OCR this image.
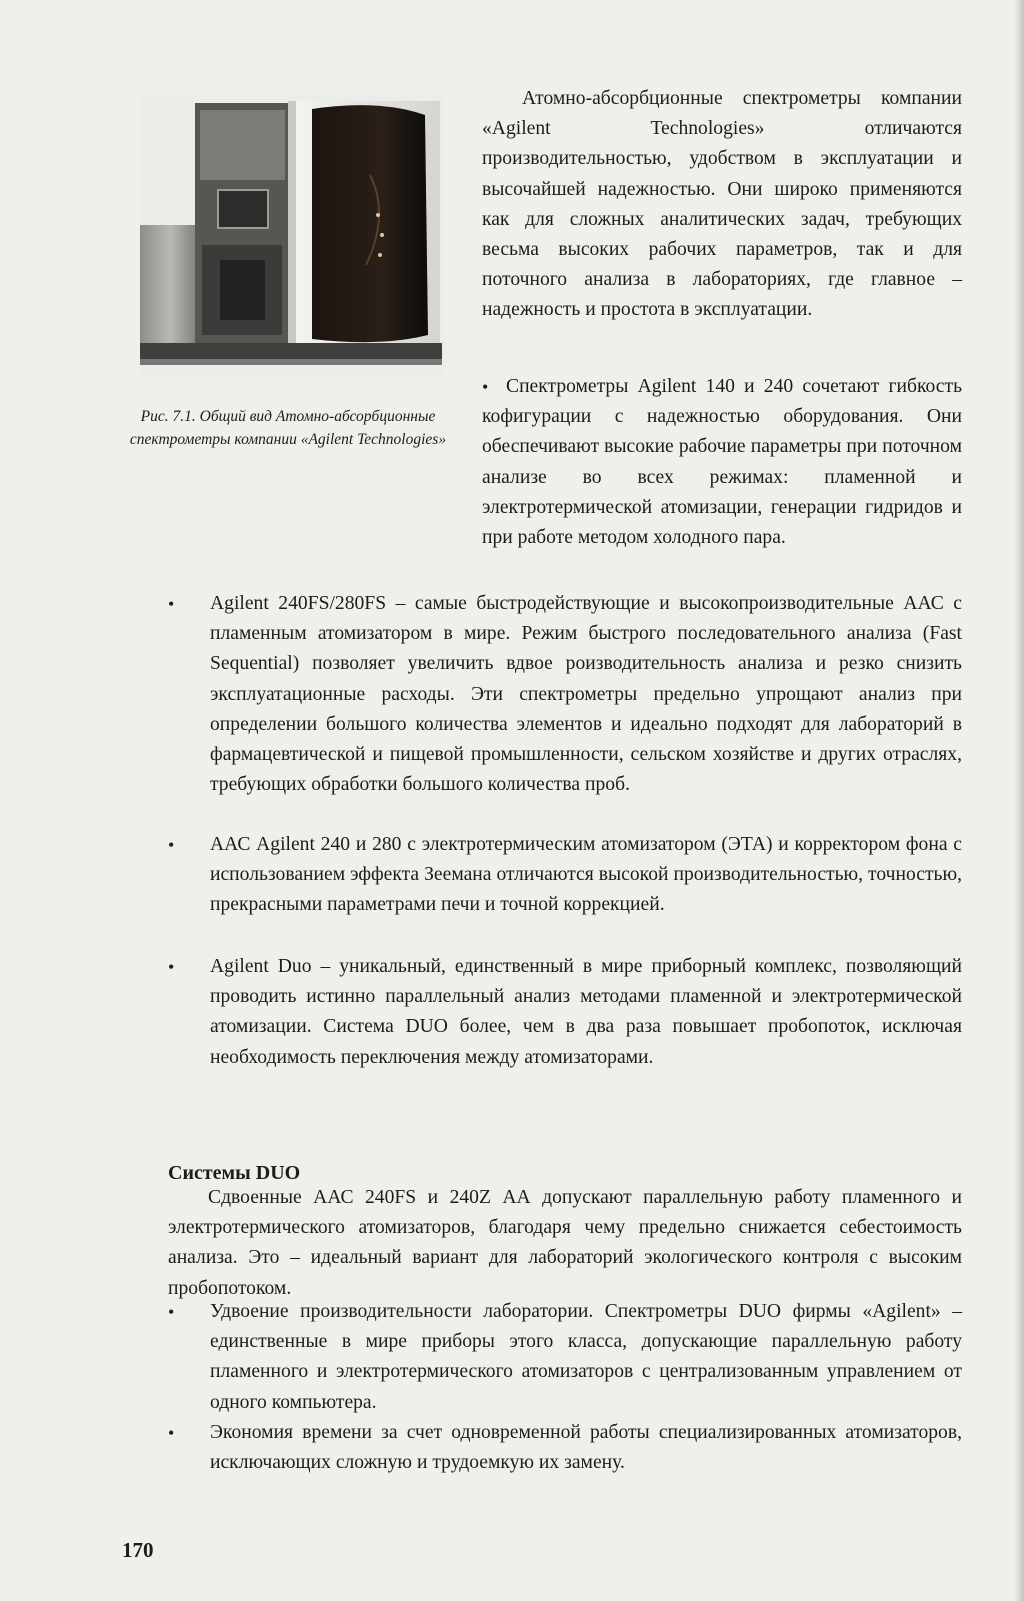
Рис. 7.1. Общий вид Атомно-абсорбционные спектрометры компании «Agilent Technologies»
Атомно-абсорбционные спектрометры компании «Agilent Technologies» отличаются производительностью, удобством в эксплуатации и высочайшей надежностью. Они широко применяются как для сложных аналитических задач, требующих весьма высоких рабочих параметров, так и для поточного анализа в лабораториях, где главное – надежность и простота в эксплуатации.
• Спектрометры Agilent 140 и 240 сочетают гибкость кофигурации с надежностью оборудования. Они обеспечивают высокие рабочие параметры при поточном анализе во всех режимах: пламенной и электротермической атомизации, генерации гидридов и при работе методом холодного пара.
• Agilent 240FS/280FS – самые быстродействующие и высокопроизводительные ААС с пламенным атомизатором в мире. Режим быстрого последовательного анализа (Fast Sequential) позволяет увеличить вдвое роизводительность анализа и резко снизить эксплуатационные расходы. Эти спектрометры предельно упрощают анализ при определении большого количества элементов и идеально подходят для лабораторий в фармацевтической и пищевой промышленности, сельском хозяйстве и других отраслях, требующих обработки большого количества проб.
• ААС Agilent 240 и 280 с электротермическим атомизатором (ЭТА) и корректором фона с использованием эффекта Зеемана отличаются высокой производительностью, точностью, прекрасными параметрами печи и точной коррекцией.
• Agilent Duo – уникальный, единственный в мире приборный комплекс, позволяющий проводить истинно параллельный анализ методами пламенной и электротермической атомизации. Система DUO более, чем в два раза повышает пробопоток, исключая необходимость переключения между атомизаторами.
Системы DUO
Сдвоенные ААС 240FS и 240Z АА допускают параллельную работу пламенного и электротермического атомизаторов, благодаря чему предельно снижается себестоимость анализа. Это – идеальный вариант для лабораторий экологического контроля с высоким пробопотоком.
• Удвоение производительности лаборатории. Спектрометры DUO фирмы «Agilent» – единственные в мире приборы этого класса, допускающие параллельную работу пламенного и электротермического атомизаторов с централизованным управлением от одного компьютера.
• Экономия времени за счет одновременной работы специализированных атомизаторов, исключающих сложную и трудоемкую их замену.
170
